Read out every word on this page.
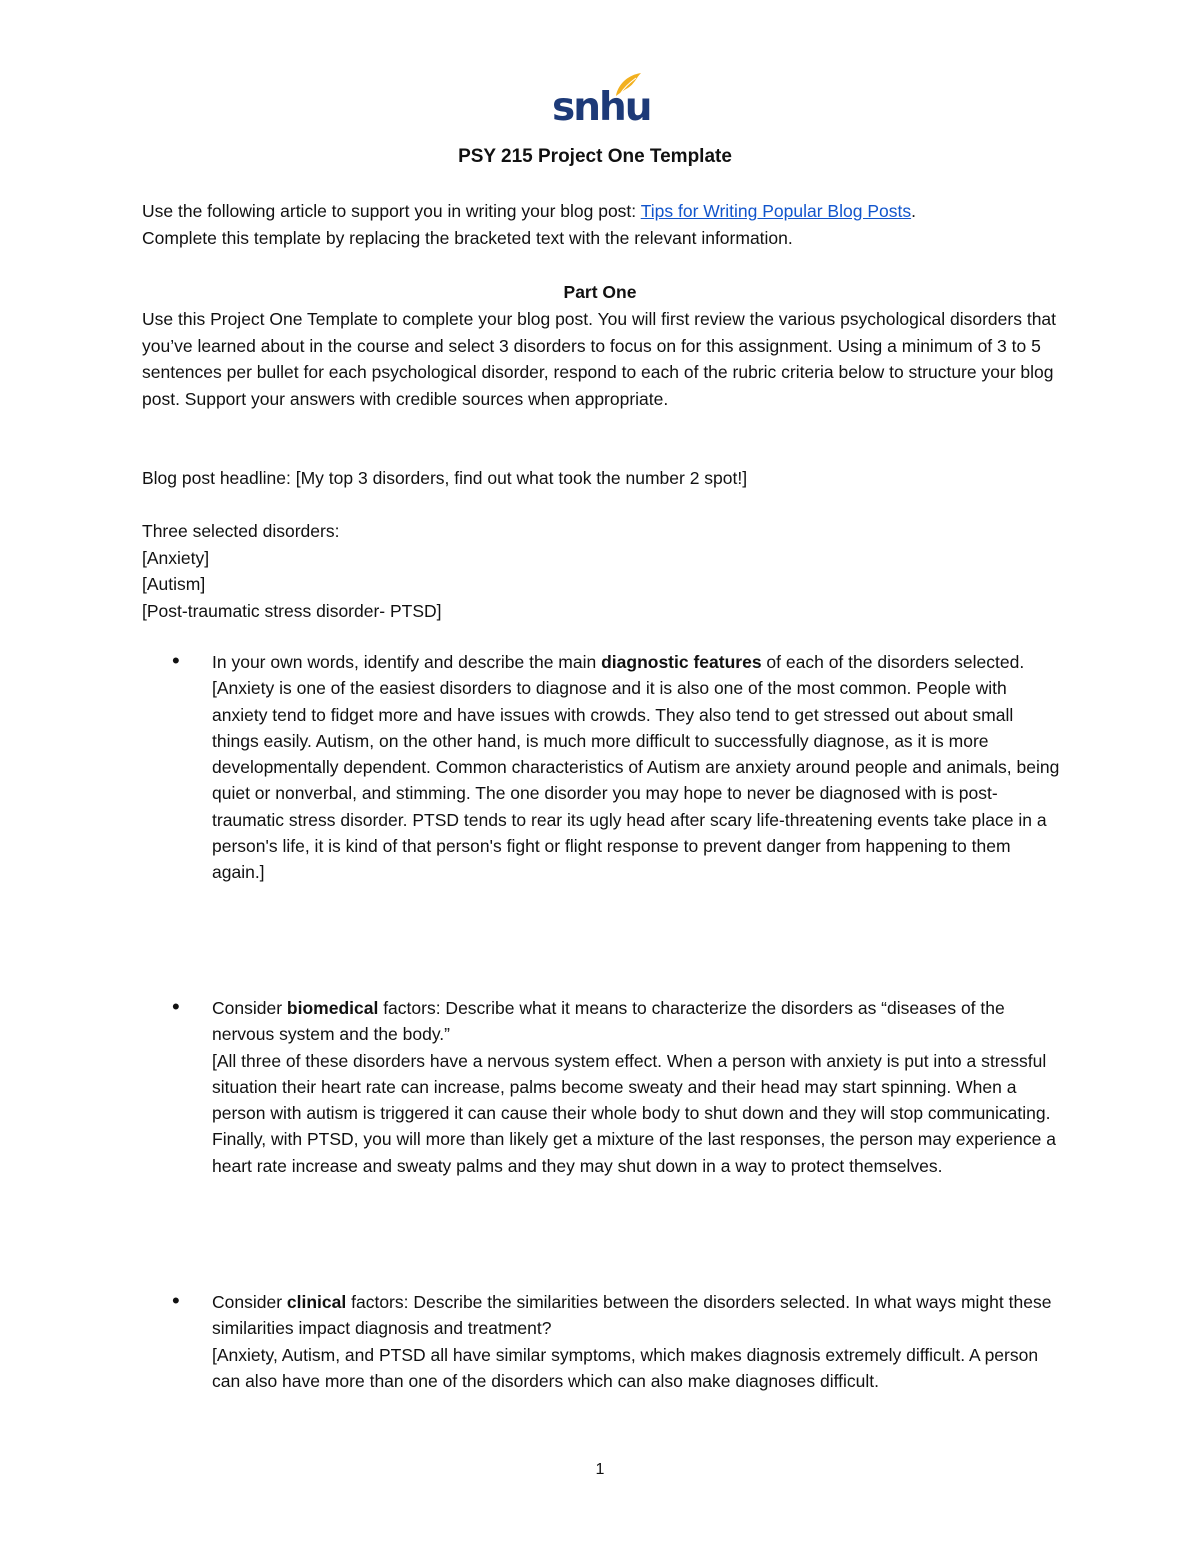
snhu
PSY 215 Project One Template
Use the following article to support you in writing your blog post: Tips for Writing Popular Blog Posts.
Complete this template by replacing the bracketed text with the relevant information.
Part One
Use this Project One Template to complete your blog post. You will first review the various psychological disorders that you’ve learned about in the course and select 3 disorders to focus on for this assignment. Using a minimum of 3 to 5 sentences per bullet for each psychological disorder, respond to each of the rubric criteria below to structure your blog post. Support your answers with credible sources when appropriate.
Blog post headline: [My top 3 disorders, find out what took the number 2 spot!]
Three selected disorders:
[Anxiety]
[Autism]
[Post-traumatic stress disorder- PTSD]
• In your own words, identify and describe the main diagnostic features of each of the disorders selected.
[Anxiety is one of the easiest disorders to diagnose and it is also one of the most common. People with anxiety tend to fidget more and have issues with crowds. They also tend to get stressed out about small things easily. Autism, on the other hand, is much more difficult to successfully diagnose, as it is more developmentally dependent. Common characteristics of Autism are anxiety around people and animals, being quiet or nonverbal, and stimming. The one disorder you may hope to never be diagnosed with is post-traumatic stress disorder. PTSD tends to rear its ugly head after scary life-threatening events take place in a person's life, it is kind of that person's fight or flight response to prevent danger from happening to them again.]
• Consider biomedical factors: Describe what it means to characterize the disorders as “diseases of the nervous system and the body.”
[All three of these disorders have a nervous system effect. When a person with anxiety is put into a stressful situation their heart rate can increase, palms become sweaty and their head may start spinning. When a person with autism is triggered it can cause their whole body to shut down and they will stop communicating. Finally, with PTSD, you will more than likely get a mixture of the last responses, the person may experience a heart rate increase and sweaty palms and they may shut down in a way to protect themselves.
• Consider clinical factors: Describe the similarities between the disorders selected. In what ways might these similarities impact diagnosis and treatment?
[Anxiety, Autism, and PTSD all have similar symptoms, which makes diagnosis extremely difficult. A person can also have more than one of the disorders which can also make diagnoses difficult.
1
